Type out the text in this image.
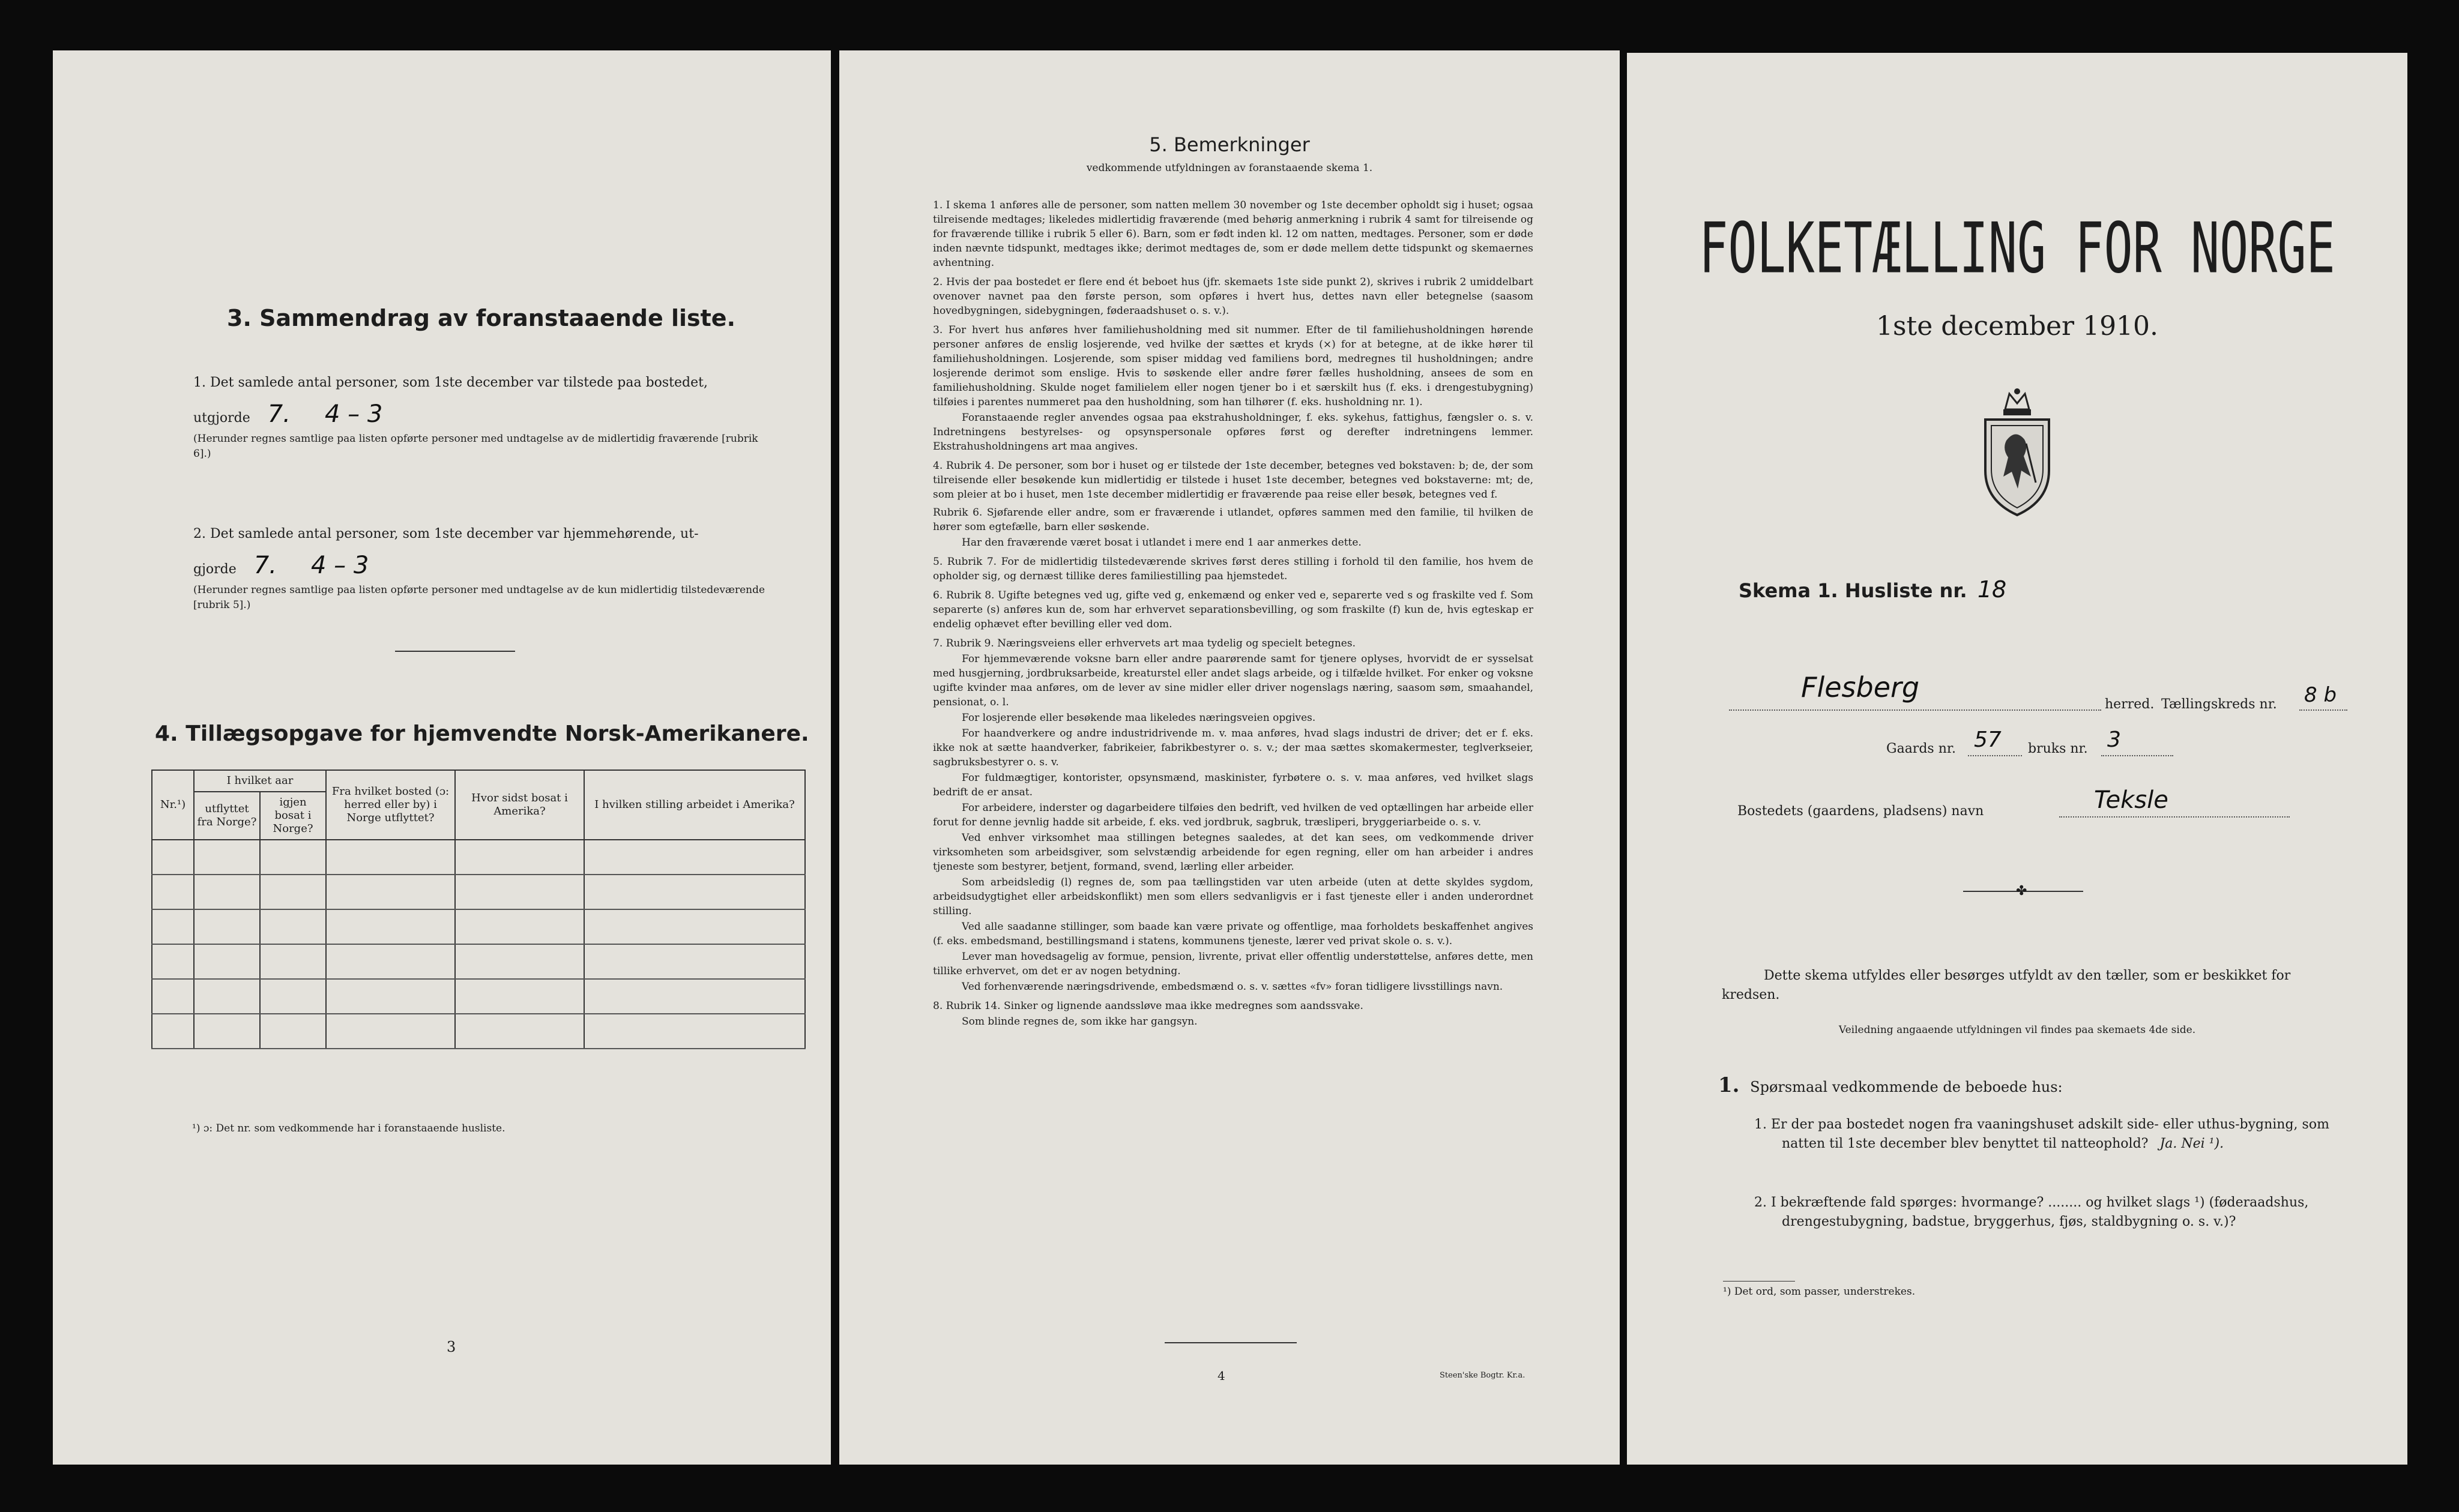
3. Sammendrag av foranstaaende liste.
1. Det samlede antal personer, som 1ste december var tilstede paa bostedet,
utgjorde 7. 4 – 3
(Herunder regnes samtlige paa listen opførte personer med undtagelse av de midlertidig fraværende [rubrik 6].)
2. Det samlede antal personer, som 1ste december var hjemmehørende, ut-
gjorde 7. 4 – 3
(Herunder regnes samtlige paa listen opførte personer med undtagelse av de kun midlertidig tilstedeværende [rubrik 5].)
4. Tillægsopgave for hjemvendte Norsk-Amerikanere.
Nr.¹)	I hvilket aar		Fra hvilket bosted (ɔ: herred eller by) i Norge utflyttet?	Hvor sidst bosat i Amerika?	I hvilken stilling arbeidet i Amerika?
	utflyttet fra Norge?	igjen bosat i Norge?			

¹) ɔ: Det nr. som vedkommende har i foranstaaende husliste.
3
5. Bemerkninger
vedkommende utfyldningen av foranstaaende skema 1.

1. I skema 1 anføres alle de personer, som natten mellem 30 november og 1ste december opholdt sig i huset; ogsaa tilreisende medtages; likeledes midlertidig fraværende (med behørig anmerkning i rubrik 4 samt for tilreisende og for fraværende tillike i rubrik 5 eller 6). Barn, som er født inden kl. 12 om natten, medtages. Personer, som er døde inden nævnte tidspunkt, medtages ikke; derimot medtages de, som er døde mellem dette tidspunkt og skemaernes avhentning.

2. Hvis der paa bostedet er flere end ét beboet hus (jfr. skemaets 1ste side punkt 2), skrives i rubrik 2 umiddelbart ovenover navnet paa den første person, som opføres i hvert hus, dettes navn eller betegnelse (saasom hovedbygningen, sidebygningen, føderaadshuset o. s. v.).

3. For hvert hus anføres hver familiehusholdning med sit nummer. Efter de til familiehusholdningen hørende personer anføres de enslig losjerende, ved hvilke der sættes et kryds (×) for at betegne, at de ikke hører til familiehusholdningen. Losjerende, som spiser middag ved familiens bord, medregnes til husholdningen; andre losjerende derimot som enslige. Hvis to søskende eller andre fører fælles husholdning, ansees de som en familiehusholdning. Skulde noget familielem eller nogen tjener bo i et særskilt hus (f. eks. i drengestubygning) tilføies i parentes nummeret paa den husholdning, som han tilhører (f. eks. husholdning nr. 1).

Foranstaaende regler anvendes ogsaa paa ekstrahusholdninger, f. eks. sykehus, fattighus, fængsler o. s. v. Indretningens bestyrelses- og opsynspersonale opføres først og derefter indretningens lemmer. Ekstrahusholdningens art maa angives.

4. Rubrik 4. De personer, som bor i huset og er tilstede der 1ste december, betegnes ved bokstaven: b; de, der som tilreisende eller besøkende kun midlertidig er tilstede i huset 1ste december, betegnes ved bokstaverne: mt; de, som pleier at bo i huset, men 1ste december midlertidig er fraværende paa reise eller besøk, betegnes ved f.

Rubrik 6. Sjøfarende eller andre, som er fraværende i utlandet, opføres sammen med den familie, til hvilken de hører som egtefælle, barn eller søskende.

Har den fraværende været bosat i utlandet i mere end 1 aar anmerkes dette.

5. Rubrik 7. For de midlertidig tilstedeværende skrives først deres stilling i forhold til den familie, hos hvem de opholder sig, og dernæst tillike deres familiestilling paa hjemstedet.

6. Rubrik 8. Ugifte betegnes ved ug, gifte ved g, enkemænd og enker ved e, separerte ved s og fraskilte ved f. Som separerte (s) anføres kun de, som har erhvervet separationsbevilling, og som fraskilte (f) kun de, hvis egteskap er endelig ophævet efter bevilling eller ved dom.

7. Rubrik 9. Næringsveiens eller erhvervets art maa tydelig og specielt betegnes.

For hjemmeværende voksne barn eller andre paarørende samt for tjenere oplyses, hvorvidt de er sysselsat med husgjerning, jordbruksarbeide, kreaturstel eller andet slags arbeide, og i tilfælde hvilket. For enker og voksne ugifte kvinder maa anføres, om de lever av sine midler eller driver nogenslags næring, saasom søm, smaahandel, pensionat, o. l.

For losjerende eller besøkende maa likeledes næringsveien opgives.

For haandverkere og andre industridrivende m. v. maa anføres, hvad slags industri de driver; det er f. eks. ikke nok at sætte haandverker, fabrikeier, fabrikbestyrer o. s. v.; der maa sættes skomakermester, teglverkseier, sagbruksbestyrer o. s. v.

For fuldmægtiger, kontorister, opsynsmænd, maskinister, fyrbøtere o. s. v. maa anføres, ved hvilket slags bedrift de er ansat.

For arbeidere, inderster og dagarbeidere tilføies den bedrift, ved hvilken de ved optællingen har arbeide eller forut for denne jevnlig hadde sit arbeide, f. eks. ved jordbruk, sagbruk, træsliperi, bryggeriarbeide o. s. v.

Ved enhver virksomhet maa stillingen betegnes saaledes, at det kan sees, om vedkommende driver virksomheten som arbeidsgiver, som selvstændig arbeidende for egen regning, eller om han arbeider i andres tjeneste som bestyrer, betjent, formand, svend, lærling eller arbeider.

Som arbeidsledig (l) regnes de, som paa tællingstiden var uten arbeide (uten at dette skyldes sygdom, arbeidsudygtighet eller arbeidskonflikt) men som ellers sedvanligvis er i fast tjeneste eller i anden underordnet stilling.

Ved alle saadanne stillinger, som baade kan være private og offentlige, maa forholdets beskaffenhet angives (f. eks. embedsmand, bestillingsmand i statens, kommunens tjeneste, lærer ved privat skole o. s. v.).

Lever man hovedsagelig av formue, pension, livrente, privat eller offentlig understøttelse, anføres dette, men tillike erhvervet, om det er av nogen betydning.

Ved forhenværende næringsdrivende, embedsmænd o. s. v. sættes «fv» foran tidligere livsstillings navn.

8. Rubrik 14. Sinker og lignende aandssløve maa ikke medregnes som aandssvake.

Som blinde regnes de, som ikke har gangsyn.

4	Steen'ske Bogtr. Kr.a.
FOLKETÆLLING FOR NORGE
1ste december 1910.
Skema 1. Husliste nr. 18
Flesberg
herred. Tællingskreds nr. 8 b
Gaards nr. 57 bruks nr. 3
Bostedets (gaardens, pladsens) navn	Teksle
✤
Dette skema utfyldes eller besørges utfyldt av den tæller, som er beskikket for kredsen.
Veiledning angaaende utfyldningen vil findes paa skemaets 4de side.
1. Spørsmaal vedkommende de beboede hus:
1. Er der paa bostedet nogen fra vaaningshuset adskilt side- eller uthus-bygning, som natten til 1ste december blev benyttet til natteophold? Ja. Nei ¹).
2. I bekræftende fald spørges: hvormange? ........ og hvilket slags ¹) (føderaadshus, drengestubygning, badstue, bryggerhus, fjøs, staldbygning o. s. v.)?
¹) Det ord, som passer, understrekes.
